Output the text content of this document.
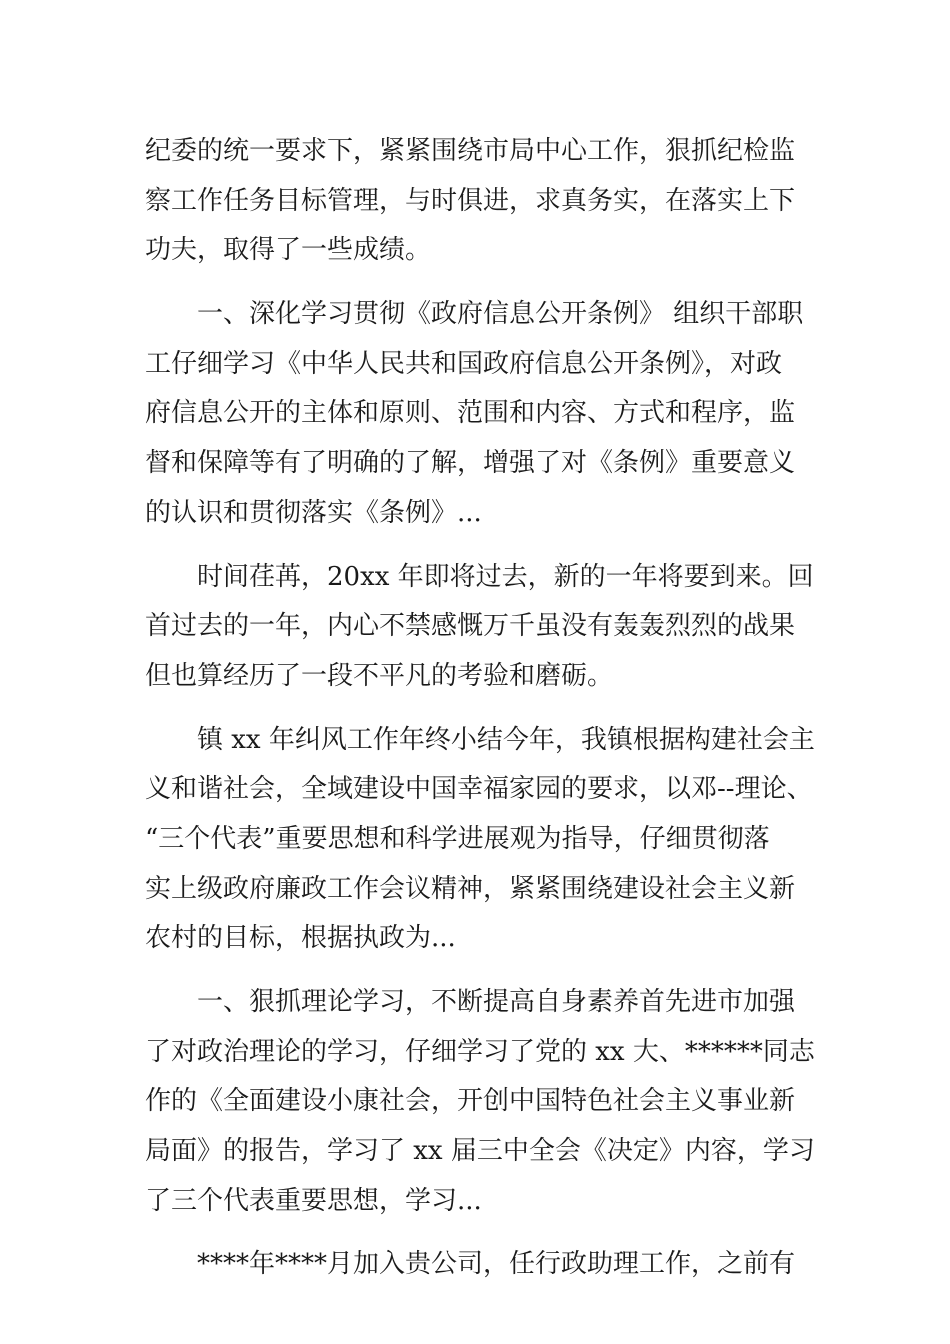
纪委的统一要求下，紧紧围绕市局中心工作，狠抓纪检监
察工作任务目标管理，与时俱进，求真务实，在落实上下
功夫，取得了一些成绩。
一、深化学习贯彻《政府信息公开条例》 组织干部职
工仔细学习《中华人民共和国政府信息公开条例》，对政
府信息公开的主体和原则、范围和内容、方式和程序，监
督和保障等有了明确的了解，增强了对《条例》重要意义
的认识和贯彻落实《条例》...
时间荏苒，20xx 年即将过去，新的一年将要到来。回
首过去的一年，内心不禁感慨万千虽没有轰轰烈烈的战果
但也算经历了一段不平凡的考验和磨砺。
镇 xx 年纠风工作年终小结今年，我镇根据构建社会主
义和谐社会，全域建设中国幸福家园的要求，以邓--理论、
“三个代表”重要思想和科学进展观为指导，仔细贯彻落
实上级政府廉政工作会议精神，紧紧围绕建设社会主义新
农村的目标，根据执政为...
一、狠抓理论学习，不断提高自身素养首先进市加强
了对政治理论的学习，仔细学习了党的 xx 大、******同志
作的《全面建设小康社会，开创中国特色社会主义事业新
局面》的报告，学习了 xx 届三中全会《决定》内容，学习
了三个代表重要思想，学习...
****年****月加入贵公司，任行政助理工作，之前有
